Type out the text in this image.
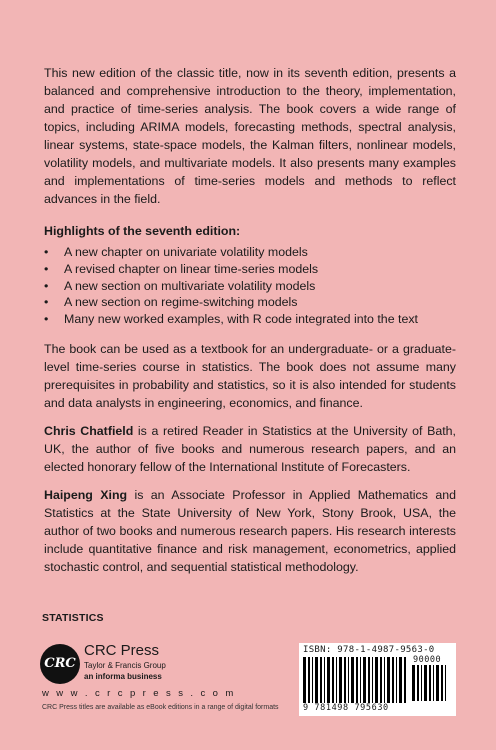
This new edition of the classic title, now in its seventh edition, presents a balanced and comprehensive introduction to the theory, implementation, and practice of time-series analysis. The book covers a wide range of topics, including ARIMA models, forecasting methods, spectral analysis, linear systems, state-space models, the Kalman filters, nonlinear models, volatility models, and multivariate models. It also presents many examples and implementations of time-series models and methods to reflect advances in the field.

Highlights of the seventh edition:
• A new chapter on univariate volatility models
• A revised chapter on linear time-series models
• A new section on multivariate volatility models
• A new section on regime-switching models
• Many new worked examples, with R code integrated into the text

The book can be used as a textbook for an undergraduate- or a graduate-level time-series course in statistics. The book does not assume many prerequisites in probability and statistics, so it is also intended for students and data analysts in engineering, economics, and finance.

Chris Chatfield is a retired Reader in Statistics at the University of Bath, UK, the author of five books and numerous research papers, and an elected honorary fellow of the International Institute of Forecasters.

Haipeng Xing is an Associate Professor in Applied Mathematics and Statistics at the State University of New York, Stony Brook, USA, the author of two books and numerous research papers. His research interests include quantitative finance and risk management, econometrics, applied stochastic control, and sequential statistical methodology.

STATISTICS
CRC
CRC Press
Taylor & Francis Group
an informa business
w w w . c r c p r e s s . c o m
CRC Press titles are available as eBook editions in a range of digital formats
ISBN: 978-1-4987-9563-0
90000
9 781498 795630
